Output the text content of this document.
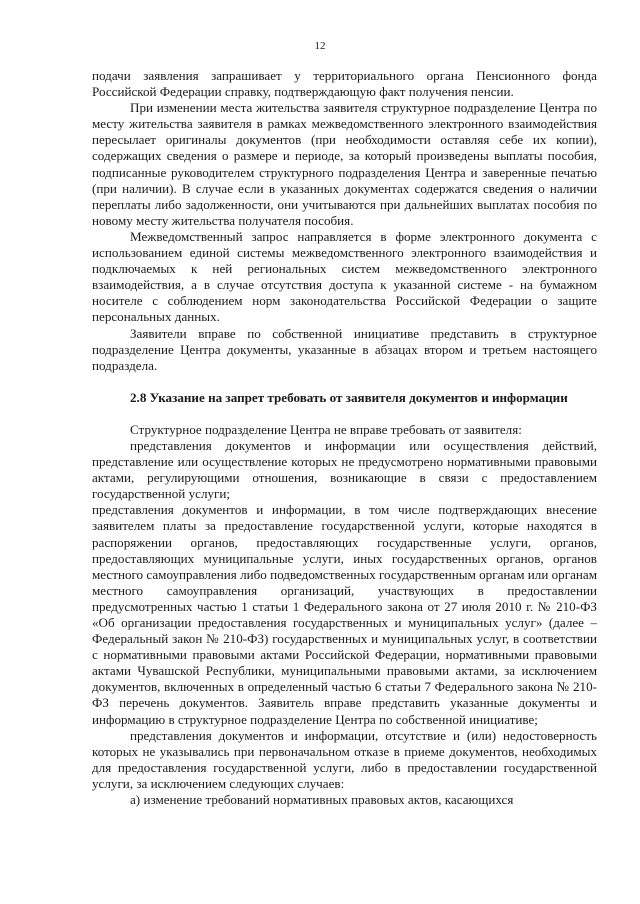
12

подачи заявления запрашивает у территориального органа Пенсионного фонда Российской Федерации справку, подтверждающую факт получения пенсии.

При изменении места жительства заявителя структурное подразделение Центра по месту жительства заявителя в рамках межведомственного электронного взаимодействия пересылает оригиналы документов (при необходимости оставляя себе их копии), содержащих сведения о размере и периоде, за который произведены выплаты пособия, подписанные руководителем структурного подразделения Центра и заверенные печатью (при наличии). В случае если в указанных документах содержатся сведения о наличии переплаты либо задолженности, они учитываются при дальнейших выплатах пособия по новому месту жительства получателя пособия.

Межведомственный запрос направляется в форме электронного документа с использованием единой системы межведомственного электронного взаимодействия и подключаемых к ней региональных систем межведомственного электронного взаимодействия, а в случае отсутствия доступа к указанной системе - на бумажном носителе с соблюдением норм законодательства Российской Федерации о защите персональных данных.

Заявители вправе по собственной инициативе представить в структурное подразделение Центра документы, указанные в абзацах втором и третьем настоящего подраздела.

2.8 Указание на запрет требовать от заявителя документов и информации

Структурное подразделение Центра не вправе требовать от заявителя:

представления документов и информации или осуществления действий, представление или осуществление которых не предусмотрено нормативными правовыми актами, регулирующими отношения, возникающие в связи с предоставлением государственной услуги;

представления документов и информации, в том числе подтверждающих внесение заявителем платы за предоставление государственной услуги, которые находятся в распоряжении органов, предоставляющих государственные услуги, органов, предоставляющих муниципальные услуги, иных государственных органов, органов местного самоуправления либо подведомственных государственным органам или органам местного самоуправления организаций, участвующих в предоставлении предусмотренных частью 1 статьи 1 Федерального закона от 27 июля 2010 г. № 210-ФЗ «Об организации предоставления государственных и муниципальных услуг» (далее – Федеральный закон № 210-ФЗ) государственных и муниципальных услуг, в соответствии с нормативными правовыми актами Российской Федерации, нормативными правовыми актами Чувашской Республики, муниципальными правовыми актами, за исключением документов, включенных в определенный частью 6 статьи 7 Федерального закона № 210-ФЗ перечень документов. Заявитель вправе представить указанные документы и информацию в структурное подразделение Центра по собственной инициативе;

представления документов и информации, отсутствие и (или) недостоверность которых не указывались при первоначальном отказе в приеме документов, необходимых для предоставления государственной услуги, либо в предоставлении государственной услуги, за исключением следующих случаев:

а) изменение требований нормативных правовых актов, касающихся
